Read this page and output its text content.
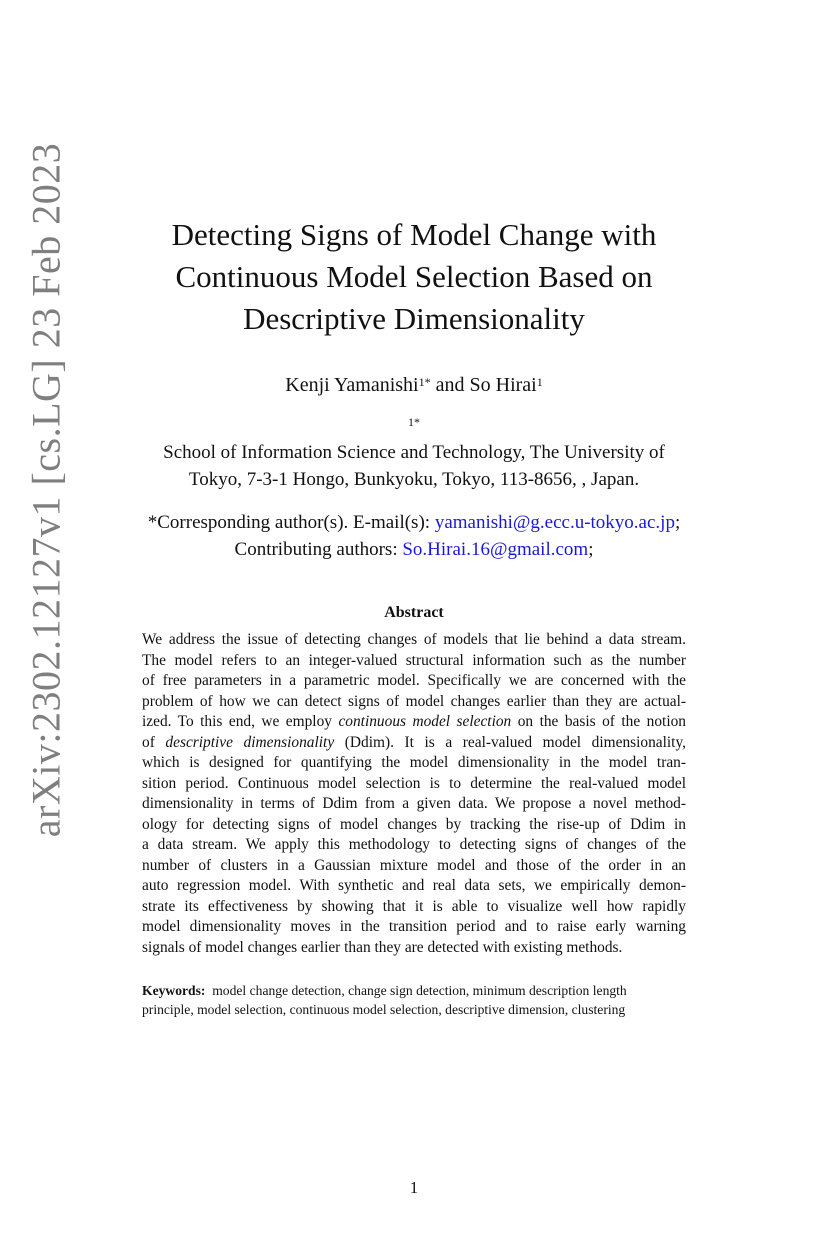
arXiv:2302.12127v1 [cs.LG] 23 Feb 2023	Detecting Signs of Model Change with
Continuous Model Selection Based on
Descriptive Dimensionality
Kenji Yamanishi$^{1*}$ and So Hirai$^1$
$^{1*}$
School of Information Science and Technology, The University of
Tokyo, 7-3-1 Hongo, Bunkyoku, Tokyo, 113-8656, , Japan.
*Corresponding author(s). E-mail(s): yamanishi@g.ecc.u-tokyo.ac.jp;
Contributing authors: So.Hirai.16@gmail.com;
Abstract
We address the issue of detecting changes of models that lie behind a data stream.
The model refers to an integer-valued structural information such as the number
of free parameters in a parametric model. Specifically we are concerned with the
problem of how we can detect signs of model changes earlier than they are actual-
ized. To this end, we employ continuous model selection on the basis of the notion
of descriptive dimensionality (Ddim). It is a real-valued model dimensionality,
which is designed for quantifying the model dimensionality in the model tran-
sition period. Continuous model selection is to determine the real-valued model
dimensionality in terms of Ddim from a given data. We propose a novel method-
ology for detecting signs of model changes by tracking the rise-up of Ddim in
a data stream. We apply this methodology to detecting signs of changes of the
number of clusters in a Gaussian mixture model and those of the order in an
auto regression model. With synthetic and real data sets, we empirically demon-
strate its effectiveness by showing that it is able to visualize well how rapidly
model dimensionality moves in the transition period and to raise early warning
signals of model changes earlier than they are detected with existing methods.
Keywords:  model change detection, change sign detection, minimum description length
principle, model selection, continuous model selection, descriptive dimension, clustering
1
